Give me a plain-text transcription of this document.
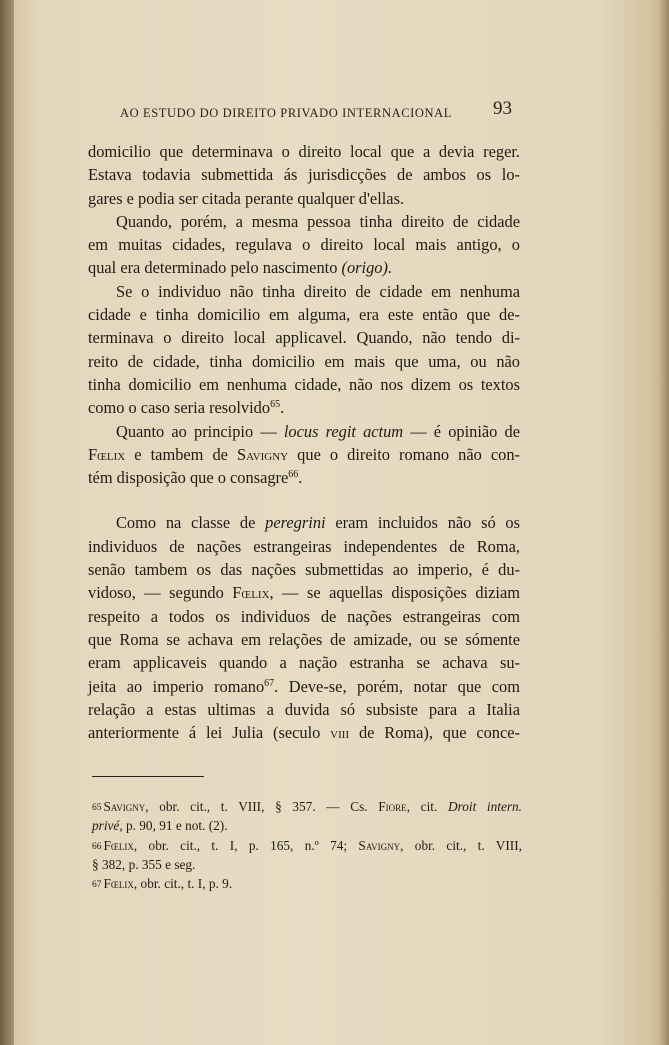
AO ESTUDO DO DIREITO PRIVADO INTERNACIONAL 93
domicilio que determinava o direito local que a devia reger.
Estava todavia submettida ás jurisdicções de ambos os lo-
gares e podia ser citada perante qualquer d'ellas.
Quando, porém, a mesma pessoa tinha direito de cidade
em muitas cidades, regulava o direito local mais antigo, o
qual era determinado pelo nascimento (origo).
Se o individuo não tinha direito de cidade em nenhuma
cidade e tinha domicilio em alguma, era este então que de-
terminava o direito local applicavel. Quando, não tendo di-
reito de cidade, tinha domicilio em mais que uma, ou não
tinha domicilio em nenhuma cidade, não nos dizem os textos
como o caso seria resolvido$^{65}$.
Quanto ao principio — locus regit actum — é opinião de
Fœlix e tambem de Savigny que o direito romano não con-
tém disposição que o consagre$^{66}$.
Como na classe de peregrini eram incluidos não só os
individuos de nações estrangeiras independentes de Roma,
senão tambem os das nações submettidas ao imperio, é du-
vidoso, — segundo Fœlix, — se aquellas disposições diziam
respeito a todos os individuos de nações estrangeiras com
que Roma se achava em relações de amizade, ou se sómente
eram applicaveis quando a nação estranha se achava su-
jeita ao imperio romano$^{67}$. Deve-se, porém, notar que com
relação a estas ultimas a duvida só subsiste para a Italia
anteriormente á lei Julia (seculo viii de Roma), que conce-
65 Savigny, obr. cit., t. VIII, § 357. — Cs. Fiore, cit. Droit intern.
privé, p. 90, 91 e not. (2).
66 Fœlix, obr. cit., t. I, p. 165, n.º 74; Savigny, obr. cit., t. VIII,
§ 382, p. 355 e seg.
67 Fœlix, obr. cit., t. I, p. 9.
